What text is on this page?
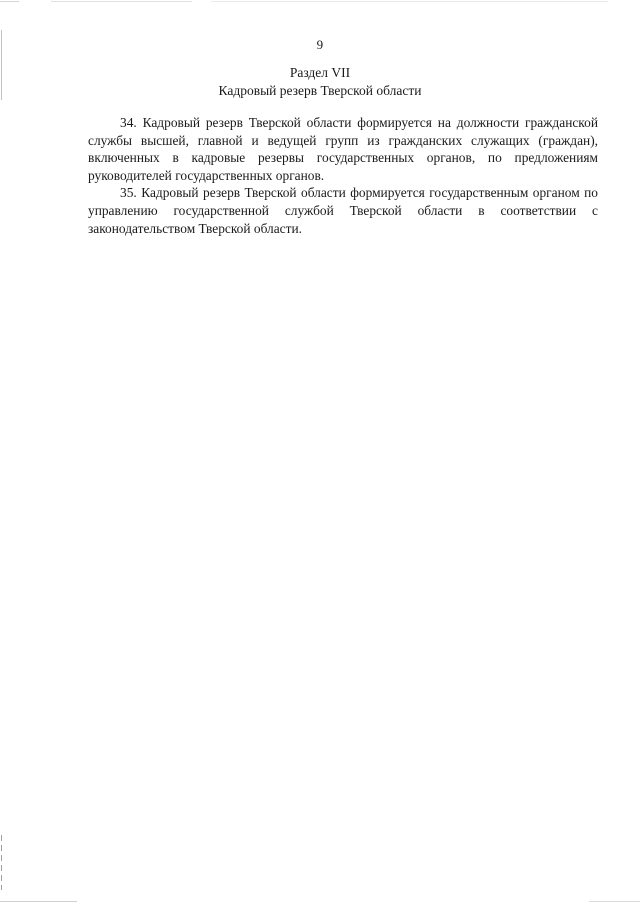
9
Раздел VII
Кадровый резерв Тверской области

34. Кадровый резерв Тверской области формируется на должности гражданской службы высшей, главной и ведущей групп из гражданских служащих (граждан), включенных в кадровые резервы государственных органов, по предложениям руководителей государственных органов.

35. Кадровый резерв Тверской области формируется государственным органом по управлению государственной службой Тверской области в соответствии с законодательством Тверской области.
